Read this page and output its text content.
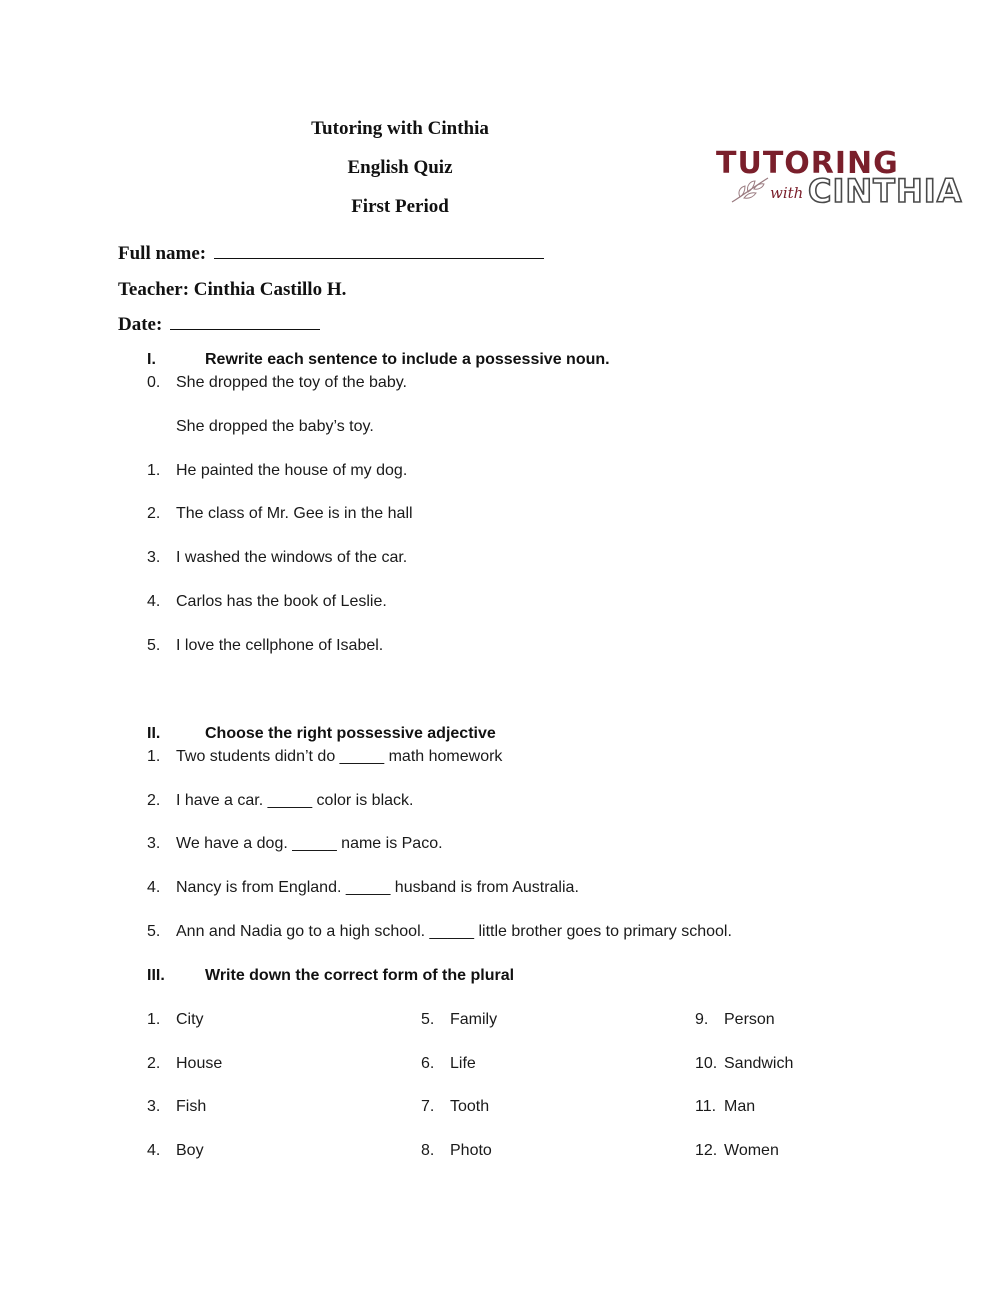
Tutoring with Cinthia
English Quiz
First Period
TUTORING
with CINTHIA
Full name:
Teacher: Cinthia Castillo H.
Date:
I.	Rewrite each sentence to include a possessive noun.
0. She dropped the toy of the baby.
She dropped the baby’s toy.
1. He painted the house of my dog.
2. The class of Mr. Gee is in the hall
3. I washed the windows of the car.
4. Carlos has the book of Leslie.
5. I love the cellphone of Isabel.
II.	Choose the right possessive adjective
1. Two students didn’t do _____ math homework
2. I have a car. _____ color is black.
3. We have a dog. _____ name is Paco.
4. Nancy is from England. _____ husband is from Australia.
5. Ann and Nadia go to a high school. _____ little brother goes to primary school.
III.	Write down the correct form of the plural
1. City
2. House
3. Fish
4. Boy
5. Family
6. Life
7. Tooth
8. Photo
9. Person
10. Sandwich
11. Man
12. Women
